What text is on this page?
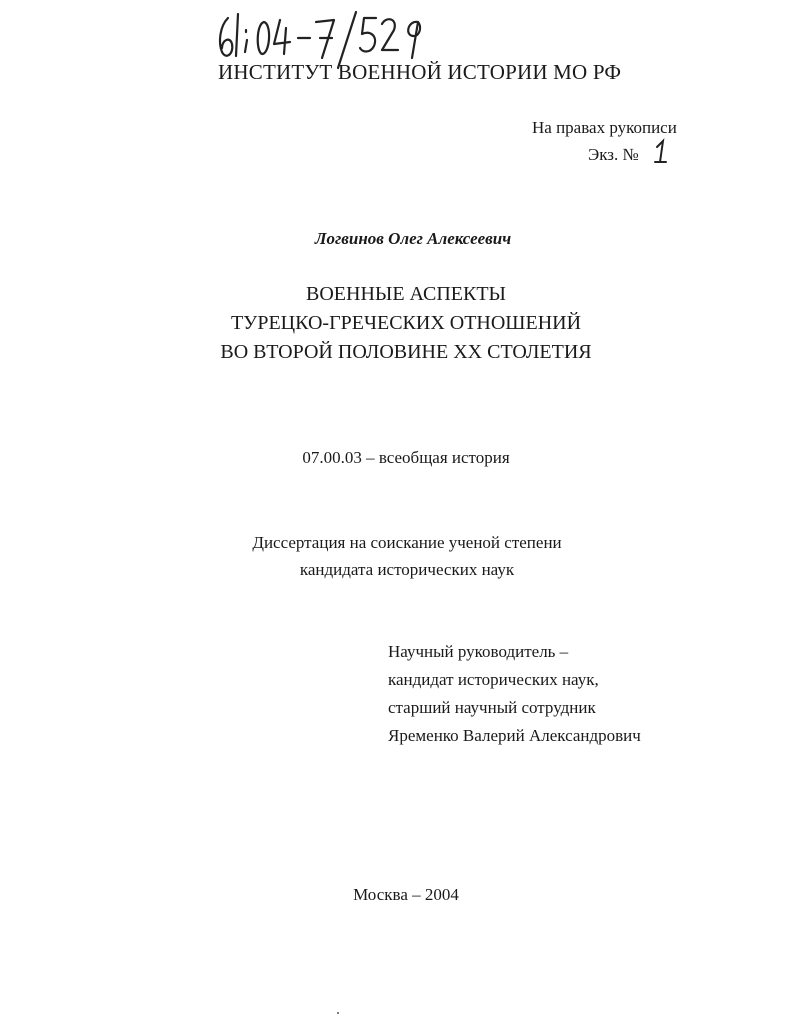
ИНСТИТУТ ВОЕННОЙ ИСТОРИИ МО РФ
На правах рукописи
Экз. №
Логвинов Олег Алексеевич
ВОЕННЫЕ АСПЕКТЫ
ТУРЕЦКО-ГРЕЧЕСКИХ ОТНОШЕНИЙ
ВО ВТОРОЙ ПОЛОВИНЕ XX СТОЛЕТИЯ
07.00.03 – всеобщая история
Диссертация на соискание ученой степени
кандидата исторических наук
Научный руководитель –
кандидат исторических наук,
старший научный сотрудник
Яременко Валерий Александрович
Москва – 2004
